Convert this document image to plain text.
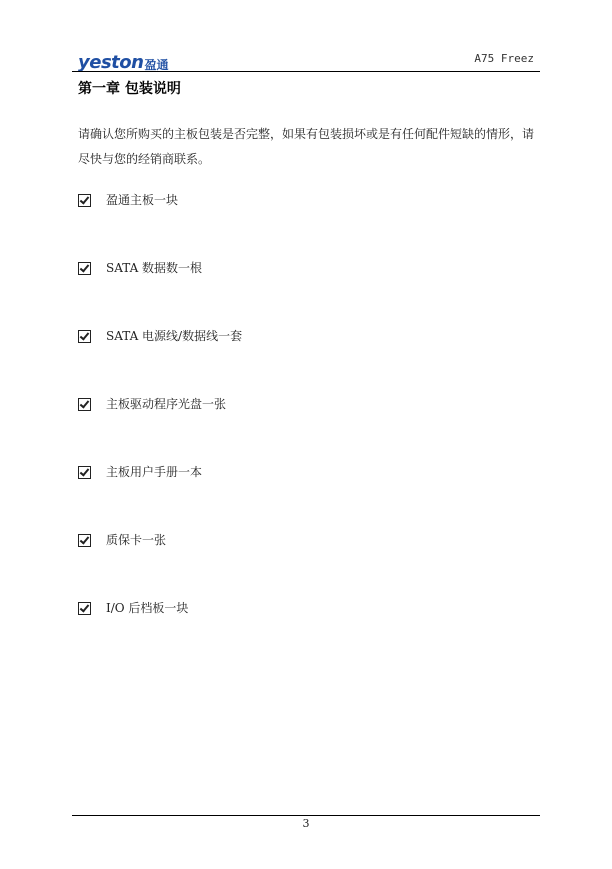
yeston 盈通	A75 Freez
第一章 包装说明
请确认您所购买的主板包装是否完整，如果有包装损坏或是有任何配件短缺的情形，请尽快与您的经销商联系。
盈通主板一块
SATA 数据数一根
SATA 电源线/数据线一套
主板驱动程序光盘一张
主板用户手册一本
质保卡一张
I/O 后档板一块
3
